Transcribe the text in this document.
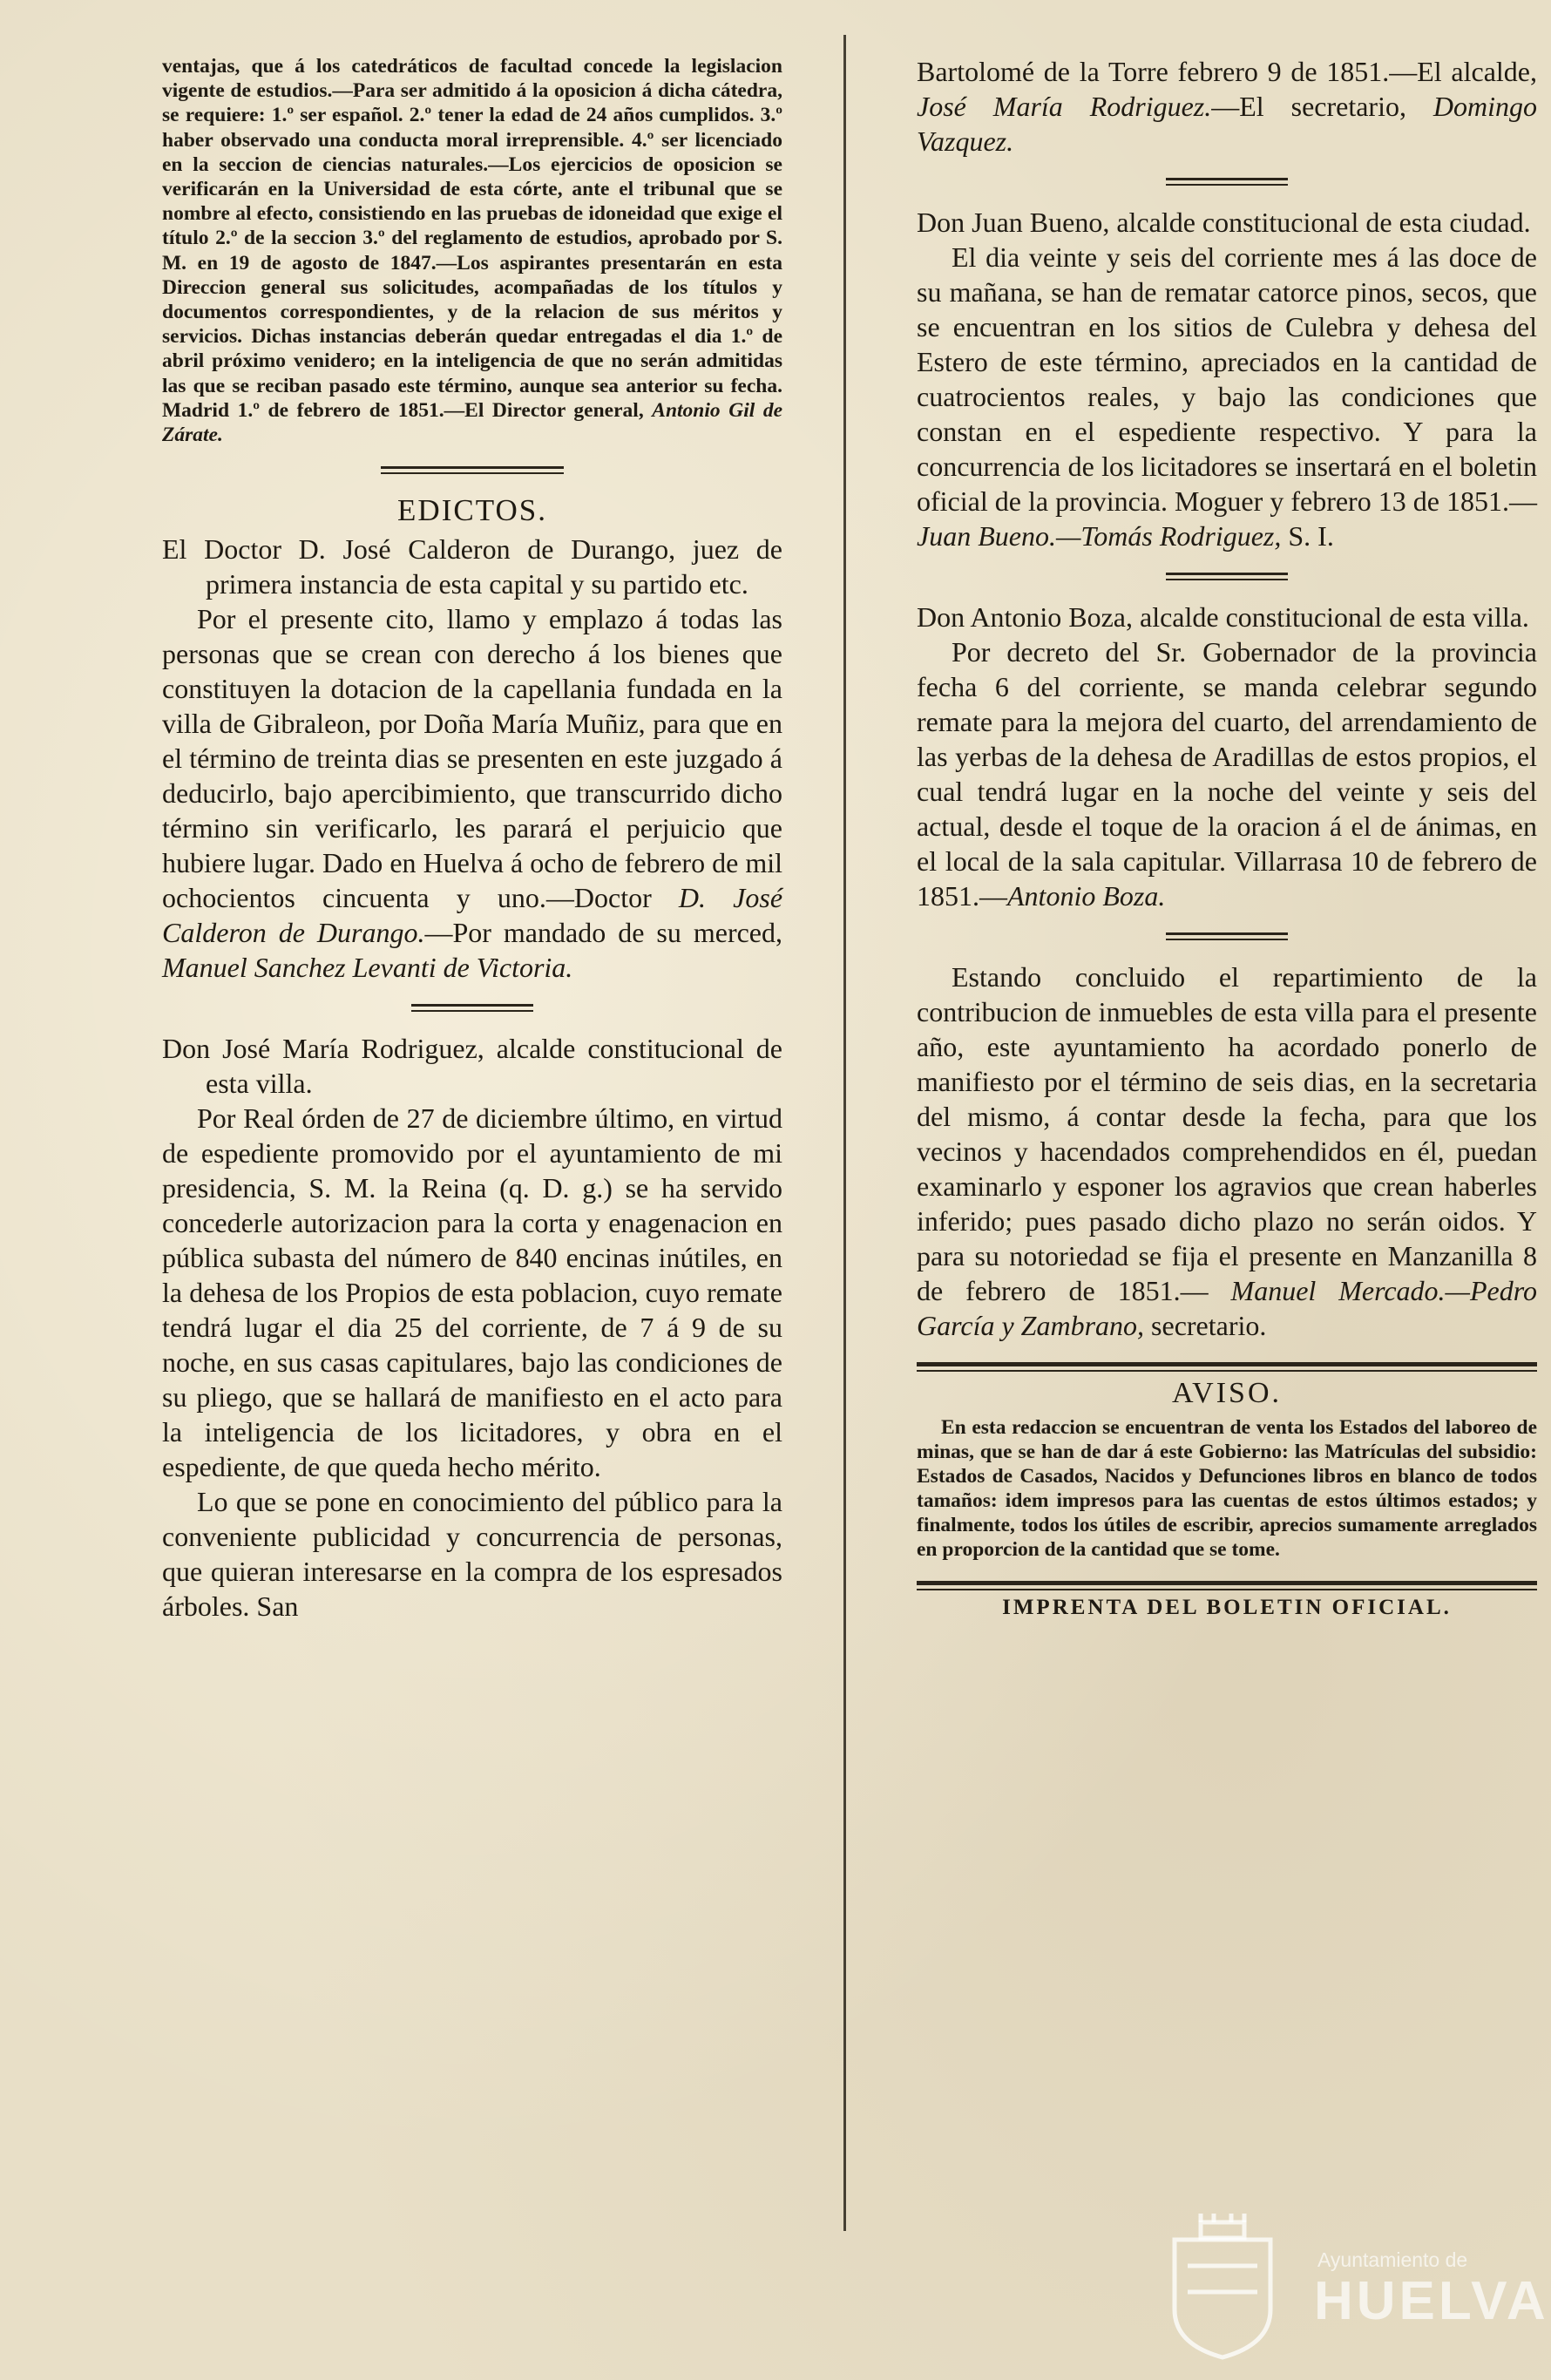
ventajas, que á los catedráticos de facultad concede la legislacion vigente de estudios.—Para ser admitido á la oposicion á dicha cátedra, se requiere: 1.º ser español. 2.º tener la edad de 24 años cumplidos. 3.º haber observado una conducta moral irreprensible. 4.º ser licenciado en la seccion de ciencias naturales.—Los ejercicios de oposicion se verificarán en la Universidad de esta córte, ante el tribunal que se nombre al efecto, consistiendo en las pruebas de idoneidad que exige el título 2.º de la seccion 3.º del reglamento de estudios, aprobado por S. M. en 19 de agosto de 1847.—Los aspirantes presentarán en esta Direccion general sus solicitudes, acompañadas de los títulos y documentos correspondientes, y de la relacion de sus méritos y servicios. Dichas instancias deberán quedar entregadas el dia 1.º de abril próximo venidero; en la inteligencia de que no serán admitidas las que se reciban pasado este término, aunque sea anterior su fecha. Madrid 1.º de febrero de 1851.—El Director general, Antonio Gil de Zárate.

EDICTOS.

El Doctor D. José Calderon de Durango, juez de primera instancia de esta capital y su partido etc.

Por el presente cito, llamo y emplazo á todas las personas que se crean con derecho á los bienes que constituyen la dotacion de la capellania fundada en la villa de Gibraleon, por Doña María Muñiz, para que en el término de treinta dias se presenten en este juzgado á deducirlo, bajo apercibimiento, que transcurrido dicho término sin verificarlo, les parará el perjuicio que hubiere lugar. Dado en Huelva á ocho de febrero de mil ochocientos cincuenta y uno.—Doctor D. José Calderon de Durango.—Por mandado de su merced, Manuel Sanchez Levanti de Victoria.

Don José María Rodriguez, alcalde constitucional de esta villa.

Por Real órden de 27 de diciembre último, en virtud de espediente promovido por el ayuntamiento de mi presidencia, S. M. la Reina (q. D. g.) se ha servido concederle autorizacion para la corta y enagenacion en pública subasta del número de 840 encinas inútiles, en la dehesa de los Propios de esta poblacion, cuyo remate tendrá lugar el dia 25 del corriente, de 7 á 9 de su noche, en sus casas capitulares, bajo las condiciones de su pliego, que se hallará de manifiesto en el acto para la inteligencia de los licitadores, y obra en el espediente, de que queda hecho mérito.

Lo que se pone en conocimiento del público para la conveniente publicidad y concurrencia de personas, que quieran interesarse en la compra de los espresados árboles. San

Bartolomé de la Torre febrero 9 de 1851.—El alcalde, José María Rodriguez.—El secretario, Domingo Vazquez.

Don Juan Bueno, alcalde constitucional de esta ciudad.

El dia veinte y seis del corriente mes á las doce de su mañana, se han de rematar catorce pinos, secos, que se encuentran en los sitios de Culebra y dehesa del Estero de este término, apreciados en la cantidad de cuatrocientos reales, y bajo las condiciones que constan en el espediente respectivo. Y para la concurrencia de los licitadores se insertará en el boletin oficial de la provincia. Moguer y febrero 13 de 1851.—Juan Bueno.—Tomás Rodriguez, S. I.

Don Antonio Boza, alcalde constitucional de esta villa.

Por decreto del Sr. Gobernador de la provincia fecha 6 del corriente, se manda celebrar segundo remate para la mejora del cuarto, del arrendamiento de las yerbas de la dehesa de Aradillas de estos propios, el cual tendrá lugar en la noche del veinte y seis del actual, desde el toque de la oracion á el de ánimas, en el local de la sala capitular. Villarrasa 10 de febrero de 1851.—Antonio Boza.

Estando concluido el repartimiento de la contribucion de inmuebles de esta villa para el presente año, este ayuntamiento ha acordado ponerlo de manifiesto por el término de seis dias, en la secretaria del mismo, á contar desde la fecha, para que los vecinos y hacendados comprehendidos en él, puedan examinarlo y esponer los agravios que crean haberles inferido; pues pasado dicho plazo no serán oidos. Y para su notoriedad se fija el presente en Manzanilla 8 de febrero de 1851.— Manuel Mercado.—Pedro García y Zambrano, secretario.

AVISO.

En esta redaccion se encuentran de venta los Estados del laboreo de minas, que se han de dar á este Gobierno: las Matrículas del subsidio: Estados de Casados, Nacidos y Defunciones libros en blanco de todos tamaños: idem impresos para las cuentas de estos últimos estados; y finalmente, todos los útiles de escribir, aprecios sumamente arreglados en proporcion de la cantidad que se tome.

IMPRENTA DEL BOLETIN OFICIAL.
Ayuntamiento de
HUELVA
